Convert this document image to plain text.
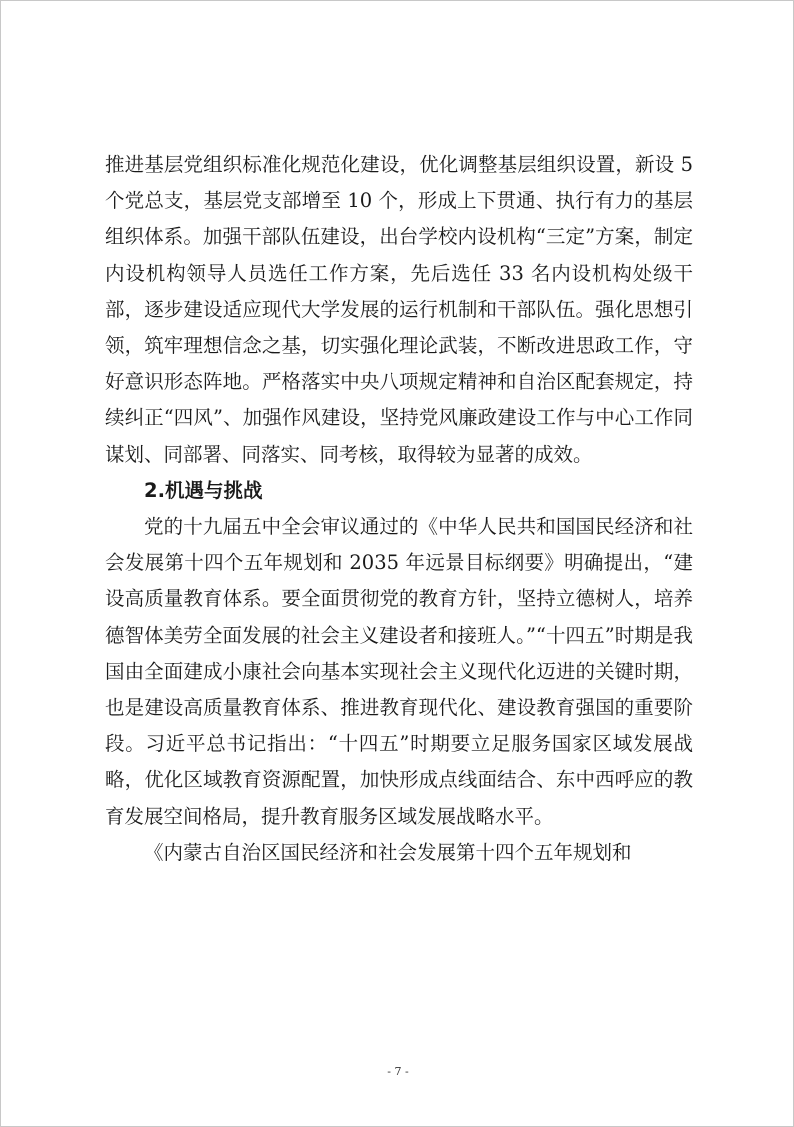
推进基层党组织标准化规范化建设，优化调整基层组织设置，新设 5 个党总支，基层党支部增至 10 个，形成上下贯通、执行有力的基层组织体系。加强干部队伍建设，出台学校内设机构“三定”方案，制定内设机构领导人员选任工作方案，先后选任 33 名内设机构处级干部，逐步建设适应现代大学发展的运行机制和干部队伍。强化思想引领，筑牢理想信念之基，切实强化理论武装，不断改进思政工作，守好意识形态阵地。严格落实中央八项规定精神和自治区配套规定，持续纠正“四风”、加强作风建设，坚持党风廉政建设工作与中心工作同谋划、同部署、同落实、同考核，取得较为显著的成效。

2.机遇与挑战

党的十九届五中全会审议通过的《中华人民共和国国民经济和社会发展第十四个五年规划和 2035 年远景目标纲要》明确提出，“建设高质量教育体系。要全面贯彻党的教育方针，坚持立德树人，培养德智体美劳全面发展的社会主义建设者和接班人。”“十四五”时期是我国由全面建成小康社会向基本实现社会主义现代化迈进的关键时期，也是建设高质量教育体系、推进教育现代化、建设教育强国的重要阶段。习近平总书记指出：“十四五”时期要立足服务国家区域发展战略，优化区域教育资源配置，加快形成点线面结合、东中西呼应的教育发展空间格局，提升教育服务区域发展战略水平。

《内蒙古自治区国民经济和社会发展第十四个五年规划和

- 7 -
